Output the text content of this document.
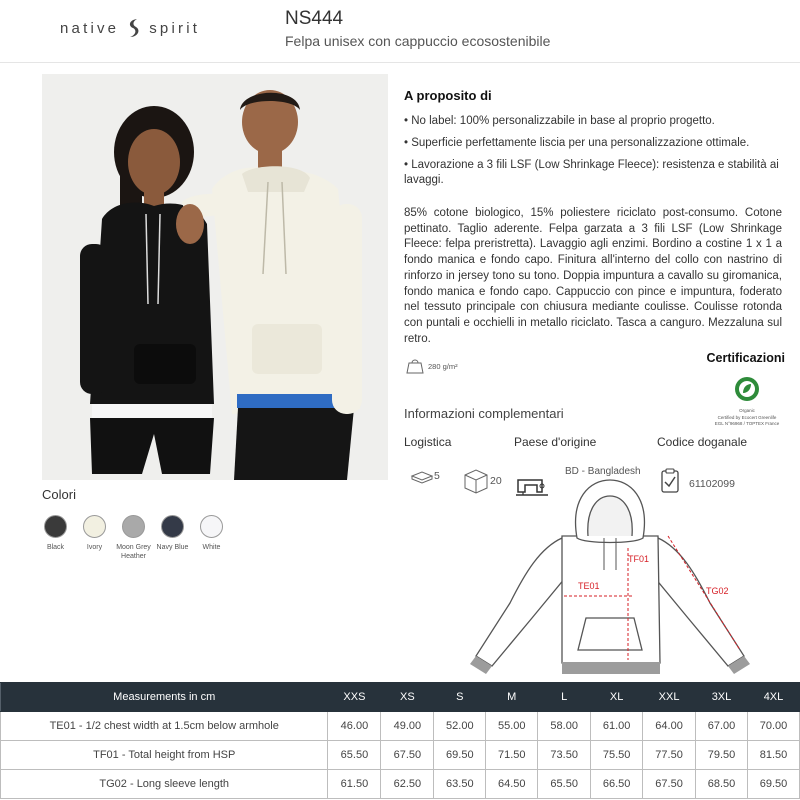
native spirit	NS444
Felpa unisex con cappuccio ecosostenibile
Colori
Black	Ivory	Moon Grey Heather
Navy Blue	White
A proposito di

• No label: 100% personalizzabile in base al proprio progetto.

• Superficie perfettamente liscia per una personalizzazione ottimale.

• Lavorazione a 3 fili LSF (Low Shrinkage Fleece): resistenza e stabilità ai lavaggi.

85% cotone biologico, 15% poliestere riciclato post-consumo. Cotone pettinato. Taglio aderente. Felpa garzata a 3 fili LSF (Low Shrinkage Fleece: felpa preristretta). Lavaggio agli enzimi. Bordino a costine 1 x 1 a fondo manica e fondo capo. Finitura all'interno del collo con nastrino di rinforzo in jersey tono su tono. Doppia impuntura a cavallo su giromanica, fondo manica e fondo capo. Cappuccio con pince e impuntura, foderato nel tessuto principale con chiusura mediante coulisse. Coulisse rotonda con puntali e occhielli in metallo riciclato. Tasca a canguro. Mezzaluna sul retro.
280 g/m²
Certificazioni
Organic
Certified by Ecocert Greenlife
EGL N°96968 / TOPTEX France
Informazioni complementari
Logistica	Paese d'origine	Codice doganale
5	20
BD - Bangladesh
61102099
TE01
TF01
TG02
Measurements in cm	XXS	XS	S	M	L	XL	XXL	3XL	4XL
TE01 - 1/2 chest width at 1.5cm below armhole	46.00	49.00	52.00	55.00	58.00	61.00	64.00	67.00	70.00
TF01 - Total height from HSP	65.50	67.50	69.50	71.50	73.50	75.50	77.50	79.50	81.50
TG02 - Long sleeve length	61.50	62.50	63.50	64.50	65.50	66.50	67.50	68.50	69.50
